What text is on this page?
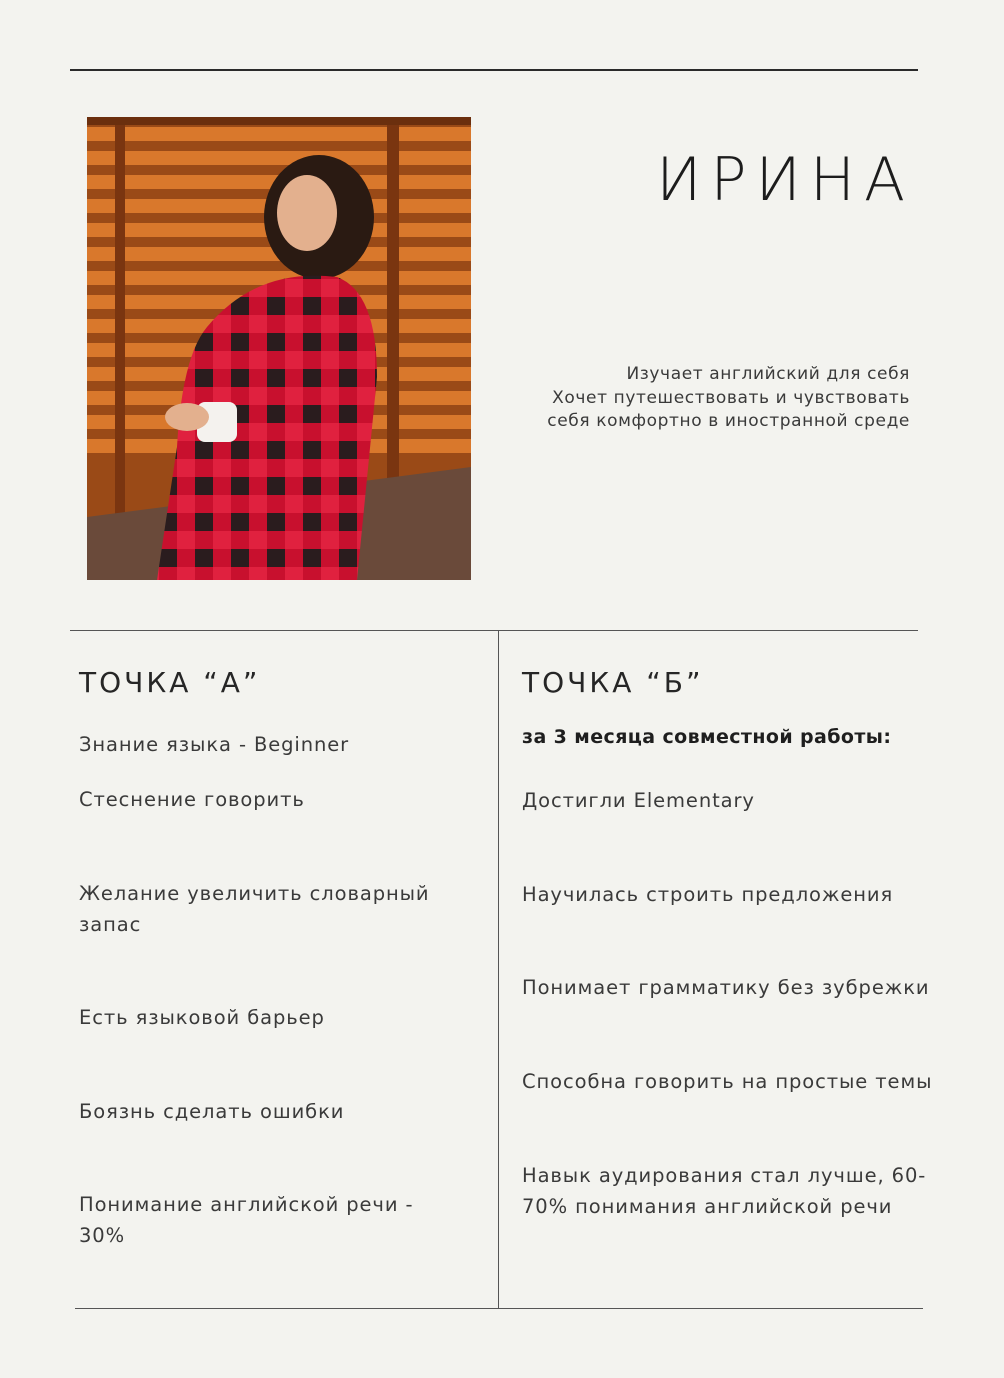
ИРИНА
Изучает английский для себя
Хочет путешествовать и чувствовать
себя комфортно в иностранной среде
ТОЧКА “А”
Знание языка - Beginner
Стеснение говорить
Желание увеличить словарный запас
Есть языковой барьер
Боязнь сделать ошибки
Понимание английской речи - 30%
ТОЧКА “Б”
за 3 месяца совместной работы:
Достигли Elementary
Научилась строить предложения
Понимает грамматику без зубрежки
Способна говорить на простые темы
Навык аудирования стал лучше, 60-70% понимания английской речи
